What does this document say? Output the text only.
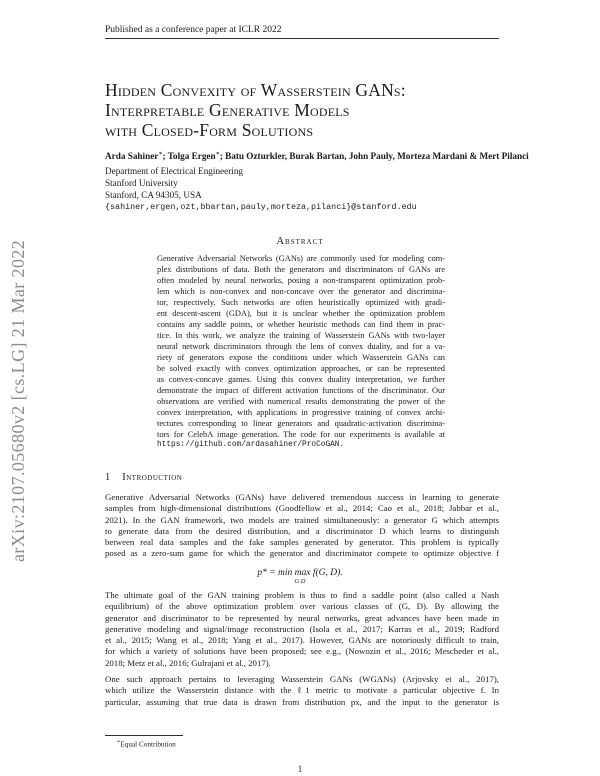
Published as a conference paper at ICLR 2022
arXiv:2107.05680v2 [cs.LG] 21 Mar 2022
Hidden Convexity of Wasserstein GANs:
Interpretable Generative Models
with Closed-Form Solutions
Arda Sahiner∗; Tolga Ergen∗; Batu Ozturkler, Burak Bartan, John Pauly, Morteza Mardani & Mert Pilanci
Department of Electrical Engineering
Stanford University
Stanford, CA 94305, USA
{sahiner,ergen,ozt,bbartan,pauly,morteza,pilanci}@stanford.edu
Abstract
Generative Adversarial Networks (GANs) are commonly used for modeling com-
plex distributions of data. Both the generators and discriminators of GANs are
often modeled by neural networks, posing a non-transparent optimization prob-
lem which is non-convex and non-concave over the generator and discrimina-
tor, respectively. Such networks are often heuristically optimized with gradi-
ent descent-ascent (GDA), but it is unclear whether the optimization problem
contains any saddle points, or whether heuristic methods can find them in prac-
tice. In this work, we analyze the training of Wasserstein GANs with two-layer
neural network discriminators through the lens of convex duality, and for a va-
riety of generators expose the conditions under which Wasserstein GANs can
be solved exactly with convex optimization approaches, or can be represented
as convex-concave games. Using this convex duality interpretation, we further
demonstrate the impact of different activation functions of the discriminator. Our
observations are verified with numerical results demonstrating the power of the
convex interpretation, with applications in progressive training of convex archi-
tectures corresponding to linear generators and quadratic-activation discrimina-
tors for CelebA image generation. The code for our experiments is available at
https://github.com/ardasahiner/ProCoGAN.
1 Introduction
Generative Adversarial Networks (GANs) have delivered tremendous success in learning to generate
samples from high-dimensional distributions (Goodfellow et al., 2014; Cao et al., 2018; Jabbar et al.,
2021). In the GAN framework, two models are trained simultaneously: a generator G which attempts
to generate data from the desired distribution, and a discriminator D which learns to distinguish
between real data samples and the fake samples generated by generator. This problem is typically
posed as a zero-sum game for which the generator and discriminator compete to optimize objective f
p* = min max f(G, D).
G D
The ultimate goal of the GAN training problem is thus to find a saddle point (also called a Nash
equilibrium) of the above optimization problem over various classes of (G, D). By allowing the
generator and discriminator to be represented by neural networks, great advances have been made in
generative modeling and signal/image reconstruction (Isola et al., 2017; Karras et al., 2019; Radford
et al., 2015; Wang et al., 2018; Yang et al., 2017). However, GANs are notoriously difficult to train,
for which a variety of solutions have been proposed; see e.g., (Nowozin et al., 2016; Mescheder et al.,
2018; Metz et al., 2016; Gulrajani et al., 2017).
One such approach pertains to leveraging Wasserstein GANs (WGANs) (Arjovsky et al., 2017),
which utilize the Wasserstein distance with the ℓ1 metric to motivate a particular objective f. In
particular, assuming that true data is drawn from distribution px, and the input to the generator is
∗Equal Contribution
1
